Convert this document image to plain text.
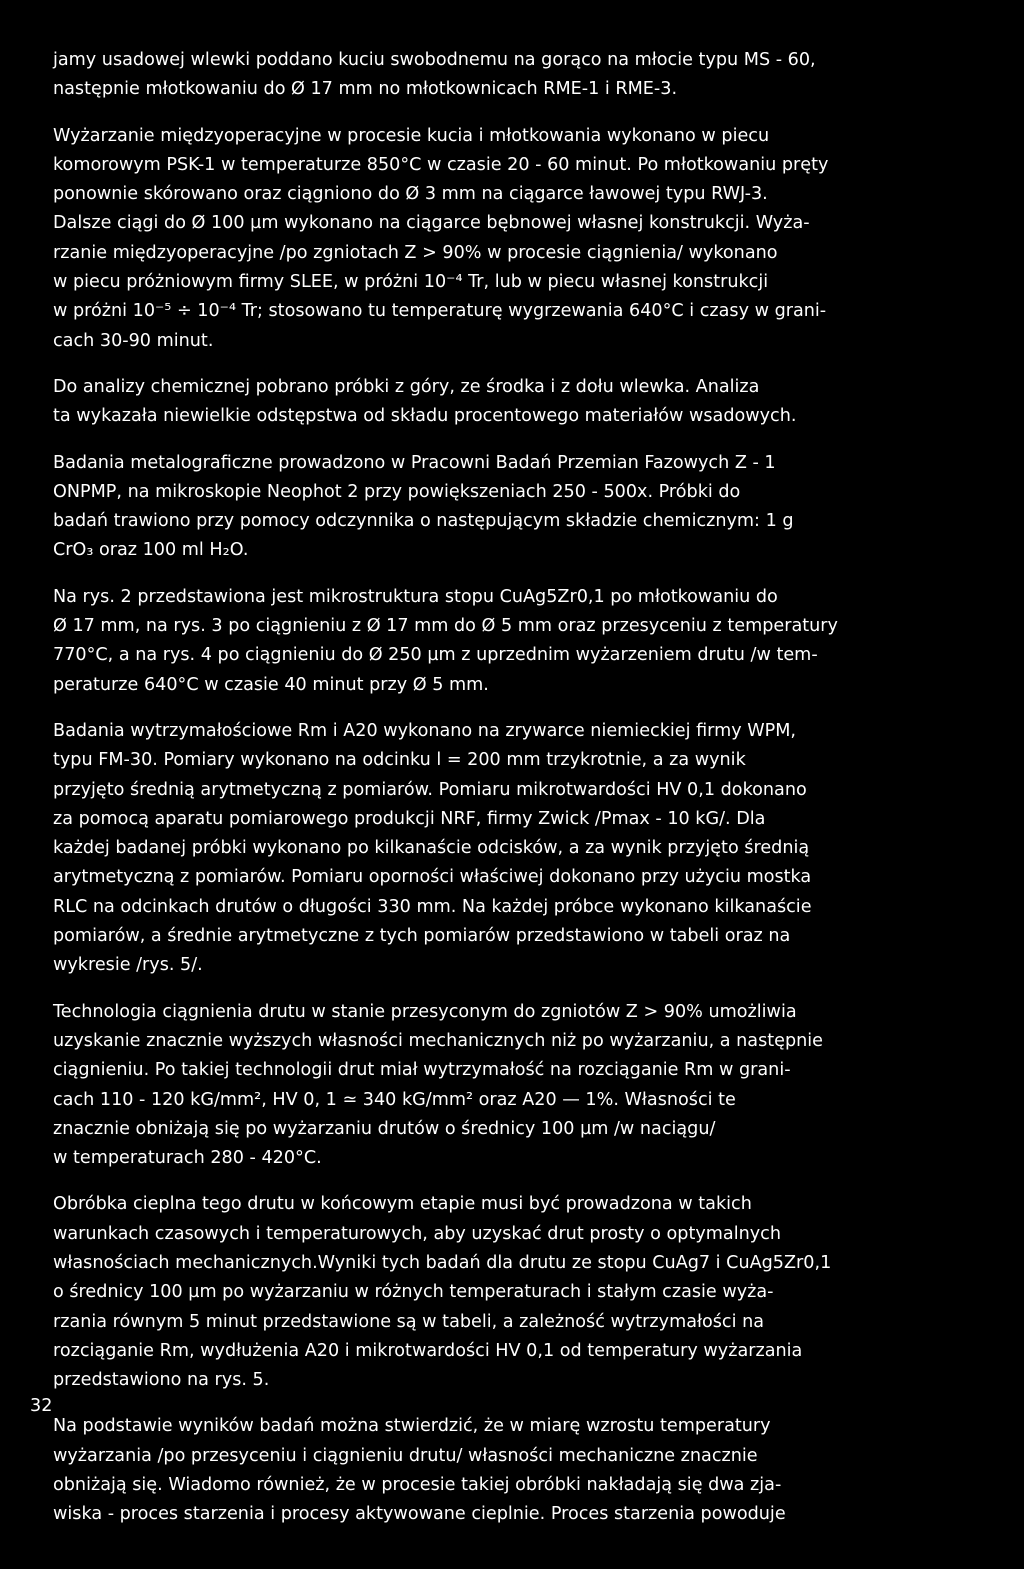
jamy usadowej wlewki poddano kuciu swobodnemu na gorąco na młocie typu MS - 60,
następnie młotkowaniu do Ø 17 mm no młotkownicach RME-1 i RME-3.
Wyżarzanie międzyoperacyjne w procesie kucia i młotkowania wykonano w piecu
komorowym PSK-1 w temperaturze 850°C w czasie 20 - 60 minut. Po młotkowaniu pręty
ponownie skórowano oraz ciągniono do Ø 3 mm na ciągarce ławowej typu RWJ-3.
Dalsze ciągi do Ø 100 µm wykonano na ciągarce bębnowej własnej konstrukcji. Wyża-
rzanie międzyoperacyjne /po zgniotach Z > 90% w procesie ciągnienia/ wykonano
w piecu próżniowym firmy SLEE, w próżni 10⁻⁴ Tr, lub w piecu własnej konstrukcji
w próżni 10⁻⁵ ÷ 10⁻⁴ Tr; stosowano tu temperaturę wygrzewania 640°C i czasy w grani-
cach 30-90 minut.
Do analizy chemicznej pobrano próbki z góry, ze środka i z dołu wlewka. Analiza
ta wykazała niewielkie odstępstwa od składu procentowego materiałów wsadowych.
Badania metalograficzne prowadzono w Pracowni Badań Przemian Fazowych Z - 1
ONPMP, na mikroskopie Neophot 2 przy powiększeniach 250 - 500x. Próbki do
badań trawiono przy pomocy odczynnika o następującym składzie chemicznym: 1 g
CrO₃ oraz 100 ml H₂O.
Na rys. 2 przedstawiona jest mikrostruktura stopu CuAg5Zr0,1 po młotkowaniu do
Ø 17 mm, na rys. 3 po ciągnieniu z Ø 17 mm do Ø 5 mm oraz przesyceniu z temperatury
770°C, a na rys. 4 po ciągnieniu do Ø 250 µm z uprzednim wyżarzeniem drutu /w tem-
peraturze 640°C w czasie 40 minut przy Ø 5 mm.
Badania wytrzymałościowe Rm i A20 wykonano na zrywarce niemieckiej firmy WPM,
typu FM-30. Pomiary wykonano na odcinku l = 200 mm trzykrotnie, a za wynik
przyjęto średnią arytmetyczną z pomiarów. Pomiaru mikrotwardości HV 0,1 dokonano
za pomocą aparatu pomiarowego produkcji NRF, firmy Zwick /Pmax - 10 kG/. Dla
każdej badanej próbki wykonano po kilkanaście odcisków, a za wynik przyjęto średnią
arytmetyczną z pomiarów. Pomiaru oporności właściwej dokonano przy użyciu mostka
RLC na odcinkach drutów o długości 330 mm. Na każdej próbce wykonano kilkanaście
pomiarów, a średnie arytmetyczne z tych pomiarów przedstawiono w tabeli oraz na
wykresie /rys. 5/.
Technologia ciągnienia drutu w stanie przesyconym do zgniotów Z > 90% umożliwia
uzyskanie znacznie wyższych własności mechanicznych niż po wyżarzaniu, a następnie
ciągnieniu. Po takiej technologii drut miał wytrzymałość na rozciąganie Rm w grani-
cach 110 - 120 kG/mm², HV 0, 1 ≃ 340 kG/mm² oraz A20 — 1%. Własności te
znacznie obniżają się po wyżarzaniu drutów o średnicy 100 µm /w naciągu/
w temperaturach 280 - 420°C.
Obróbka cieplna tego drutu w końcowym etapie musi być prowadzona w takich
warunkach czasowych i temperaturowych, aby uzyskać drut prosty o optymalnych
własnościach mechanicznych.Wyniki tych badań dla drutu ze stopu CuAg7 i CuAg5Zr0,1
o średnicy 100 µm po wyżarzaniu w różnych temperaturach i stałym czasie wyża-
rzania równym 5 minut przedstawione są w tabeli, a zależność wytrzymałości na
rozciąganie Rm, wydłużenia A20 i mikrotwardości HV 0,1 od temperatury wyżarzania
przedstawiono na rys. 5.
Na podstawie wyników badań można stwierdzić, że w miarę wzrostu temperatury
wyżarzania /po przesyceniu i ciągnieniu drutu/ własności mechaniczne znacznie
obniżają się. Wiadomo również, że w procesie takiej obróbki nakładają się dwa zja-
wiska - proces starzenia i procesy aktywowane cieplnie. Proces starzenia powoduje
32
